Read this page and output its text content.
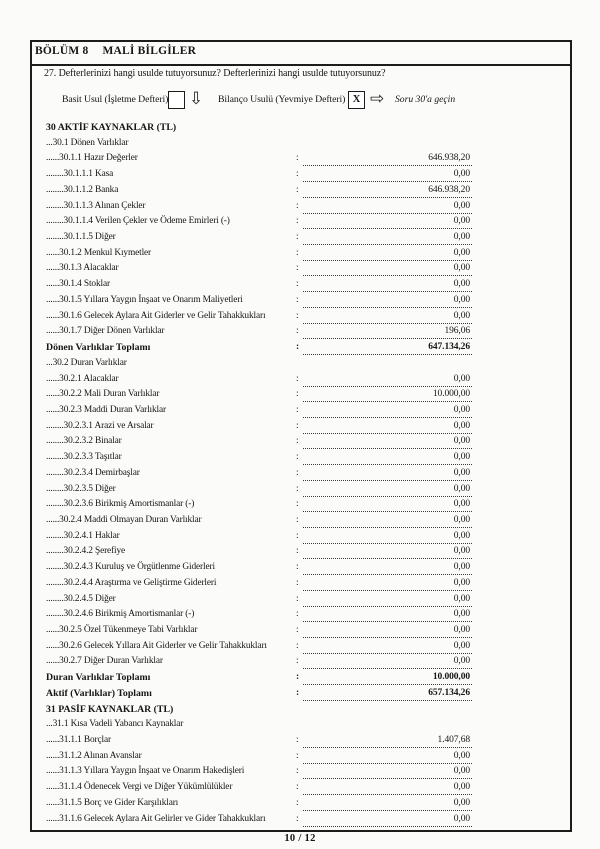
BÖLÜM 8 MALİ BİLGİLER
27. Defterlerinizi hangi usulde tutuyorsunuz? Defterlerinizi hangi usulde tutuyorsunuz?
Basit Usul (İşletme Defteri) ⇩ Bilanço Usulü (Yevmiye Defteri) X ⇨ Soru 30'a geçin
30 AKTİF KAYNAKLAR (TL)
...30.1 Dönen Varlıklar
......30.1.1 Hazır Değerler	:	646.938,20
........30.1.1.1 Kasa	:	0,00
........30.1.1.2 Banka	:	646.938,20
........30.1.1.3 Alınan Çekler	:	0,00
........30.1.1.4 Verilen Çekler ve Ödeme Emirleri (-)	:	0,00
........30.1.1.5 Diğer	:	0,00
......30.1.2 Menkul Kıymetler	:	0,00
......30.1.3 Alacaklar	:	0,00
......30.1.4 Stoklar	:	0,00
......30.1.5 Yıllara Yaygın İnşaat ve Onarım Maliyetleri	:	0,00
......30.1.6 Gelecek Aylara Ait Giderler ve Gelir Tahakkukları	:	0,00
......30.1.7 Diğer Dönen Varlıklar	:	196,06
Dönen Varlıklar Toplamı	:	647.134,26
...30.2 Duran Varlıklar
......30.2.1 Alacaklar	:	0,00
......30.2.2 Mali Duran Varlıklar	:	10.000,00
......30.2.3 Maddi Duran Varlıklar	:	0,00
........30.2.3.1 Arazi ve Arsalar	:	0,00
........30.2.3.2 Binalar	:	0,00
........30.2.3.3 Taşıtlar	:	0,00
........30.2.3.4 Demirbaşlar	:	0,00
........30.2.3.5 Diğer	:	0,00
........30.2.3.6 Birikmiş Amortismanlar (-)	:	0,00
......30.2.4 Maddi Olmayan Duran Varlıklar	:	0,00
........30.2.4.1 Haklar	:	0,00
........30.2.4.2 Şerefiye	:	0,00
........30.2.4.3 Kuruluş ve Örgütlenme Giderleri	:	0,00
........30.2.4.4 Araştırma ve Geliştirme Giderleri	:	0,00
........30.2.4.5 Diğer	:	0,00
........30.2.4.6 Birikmiş Amortismanlar (-)	:	0,00
......30.2.5 Özel Tükenmeye Tabi Varlıklar	:	0,00
......30.2.6 Gelecek Yıllara Ait Giderler ve Gelir Tahakkukları	:	0,00
......30.2.7 Diğer Duran Varlıklar	:	0,00
Duran Varlıklar Toplamı	:	10.000,00
Aktif (Varlıklar) Toplamı	:	657.134,26
31 PASİF KAYNAKLAR (TL)
...31.1 Kısa Vadeli Yabancı Kaynaklar
......31.1.1 Borçlar	:	1.407,68
......31.1.2 Alınan Avanslar	:	0,00
......31.1.3 Yıllara Yaygın İnşaat ve Onarım Hakedişleri	:	0,00
......31.1.4 Ödenecek Vergi ve Diğer Yükümlülükler	:	0,00
......31.1.5 Borç ve Gider Karşılıkları	:	0,00
......31.1.6 Gelecek Aylara Ait Gelirler ve Gider Tahakkukları	:	0,00
10 / 12
